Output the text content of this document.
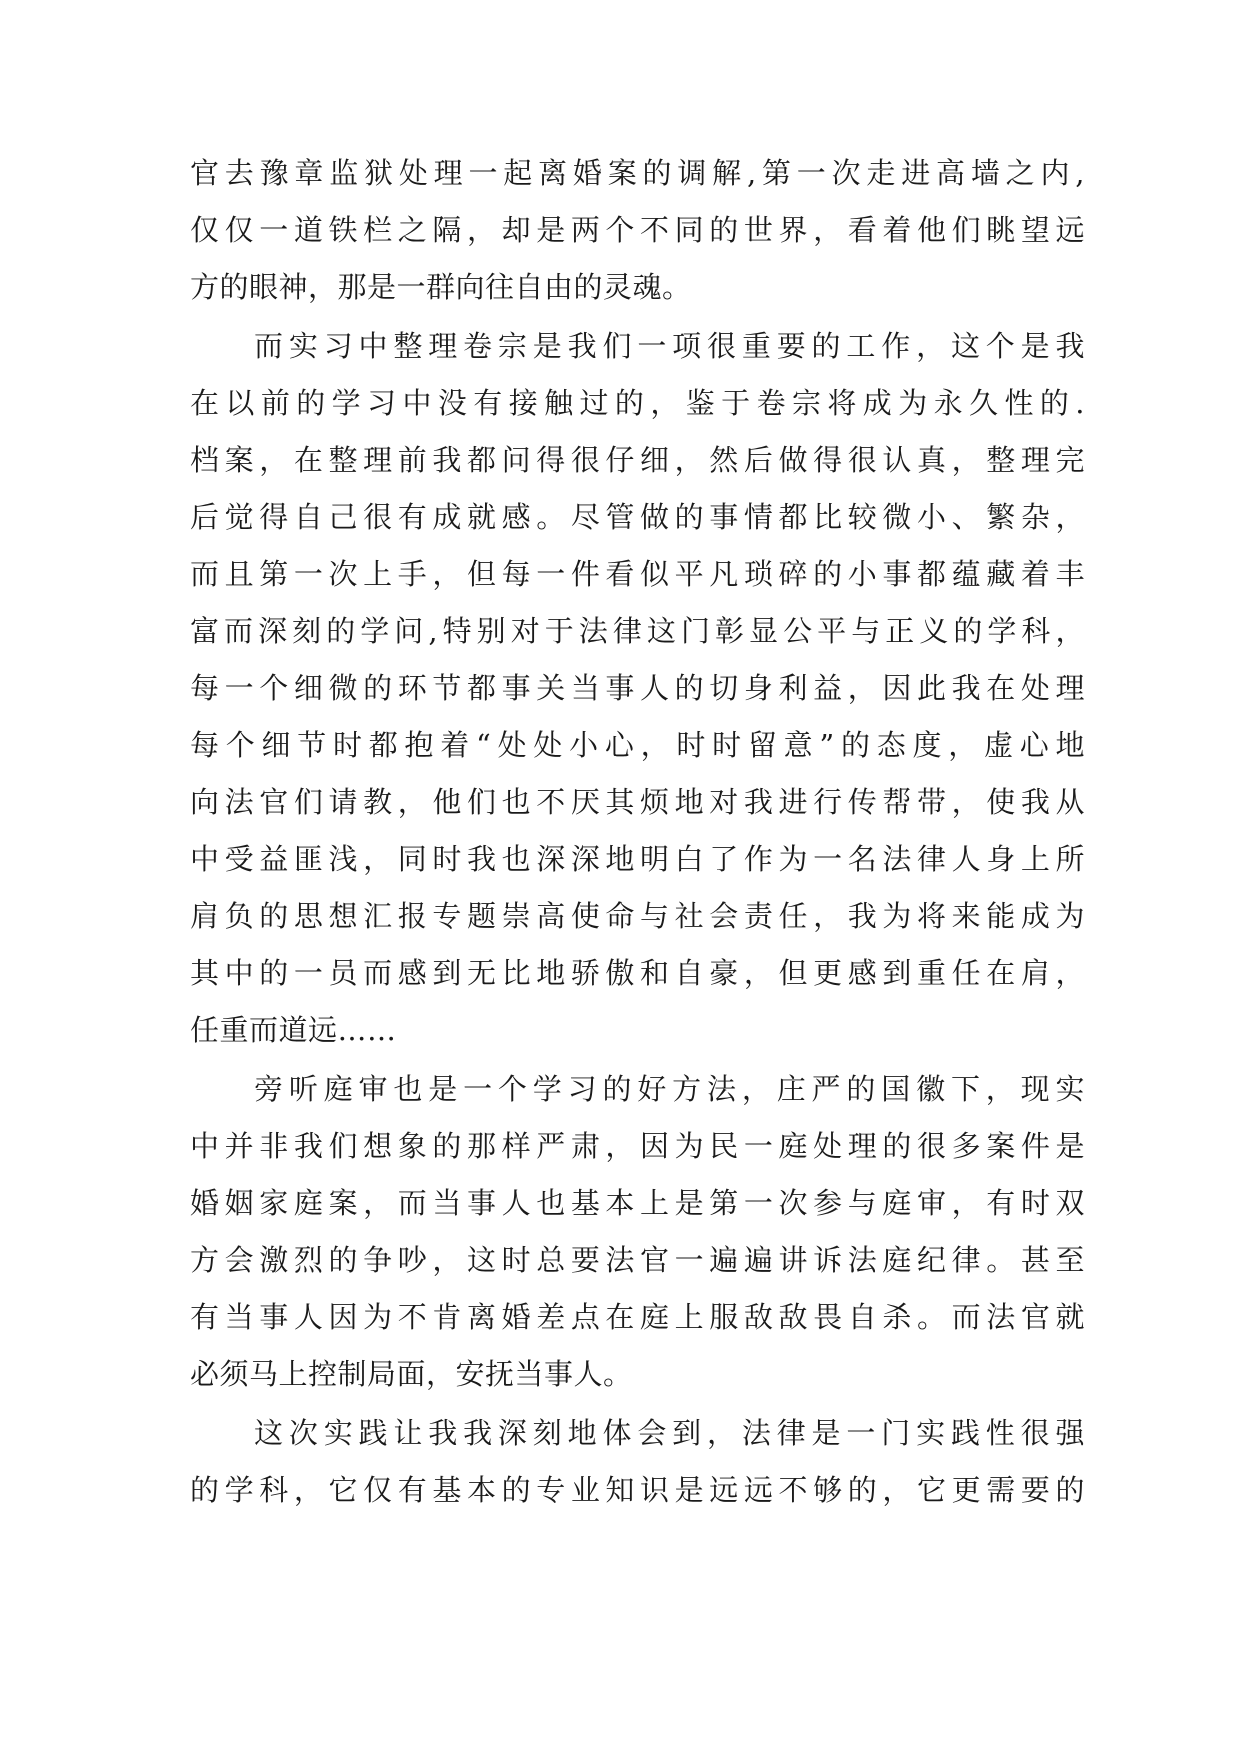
官去豫章监狱处理一起离婚案的调解,第一次走进高墙之内,
仅仅一道铁栏之隔，却是两个不同的世界，看着他们眺望远
方的眼神，那是一群向往自由的灵魂。
而实习中整理卷宗是我们一项很重要的工作，这个是我
在以前的学习中没有接触过的，鉴于卷宗将成为永久性的.
档案，在整理前我都问得很仔细，然后做得很认真，整理完
后觉得自己很有成就感。尽管做的事情都比较微小、繁杂，
而且第一次上手，但每一件看似平凡琐碎的小事都蕴藏着丰
富而深刻的学问,特别对于法律这门彰显公平与正义的学科，
每一个细微的环节都事关当事人的切身利益，因此我在处理
每个细节时都抱着“处处小心，时时留意”的态度，虚心地
向法官们请教，他们也不厌其烦地对我进行传帮带，使我从
中受益匪浅，同时我也深深地明白了作为一名法律人身上所
肩负的思想汇报专题崇高使命与社会责任，我为将来能成为
其中的一员而感到无比地骄傲和自豪，但更感到重任在肩，
任重而道远……
旁听庭审也是一个学习的好方法，庄严的国徽下，现实
中并非我们想象的那样严肃，因为民一庭处理的很多案件是
婚姻家庭案，而当事人也基本上是第一次参与庭审，有时双
方会激烈的争吵，这时总要法官一遍遍讲诉法庭纪律。甚至
有当事人因为不肯离婚差点在庭上服敌敌畏自杀。而法官就
必须马上控制局面，安抚当事人。
这次实践让我我深刻地体会到，法律是一门实践性很强
的学科，它仅有基本的专业知识是远远不够的，它更需要的
